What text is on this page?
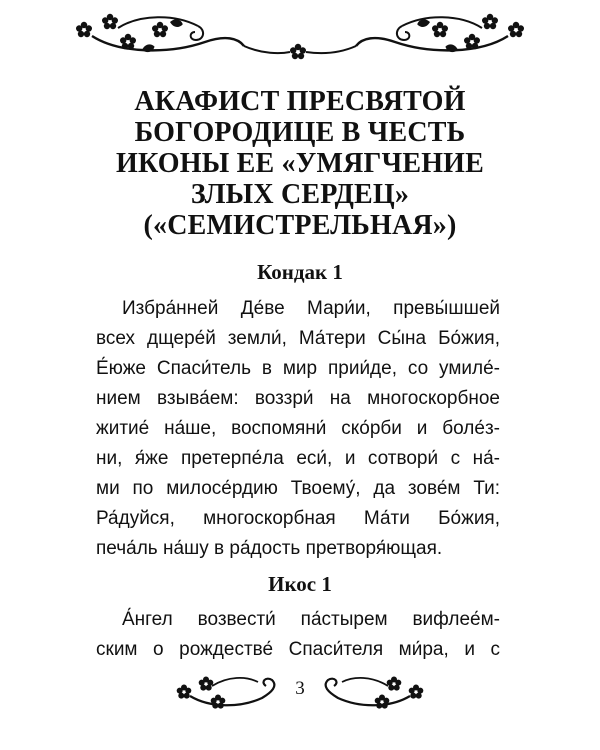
АКАФИСТ ПРЕСВЯТОЙ
БОГОРОДИЦЕ В ЧЕСТЬ
ИКОНЫ ЕЕ «УМЯГЧЕНИЕ
ЗЛЫХ СЕРДЕЦ»
(«СЕМИСТРЕЛЬНАЯ»)
Кондак 1

Избра́нней Де́ве Мари́и, превы́шшей
всех дщере́й земли́, Ма́тери Сы́на Бо́жия,
Е́юже Спаси́тель в мир прии́де, со умиле́-
нием взыва́ем: воззри́ на многоскорбное
житие́ на́ше, воспомяни́ ско́рби и боле́з-
ни, я́же претерпе́ла еси́, и сотвори́ с на́-
ми по милосе́рдию Твоему́, да зове́м Ти:
Ра́дуйся, многоскорбная Ма́ти Бо́жия,
печа́ль на́шу в ра́дость претворя́ющая.

Икос 1

А́нгел возвести́ па́стырем вифлее́м-
ским о рождестве́ Спаси́теля ми́ра, и с

3
